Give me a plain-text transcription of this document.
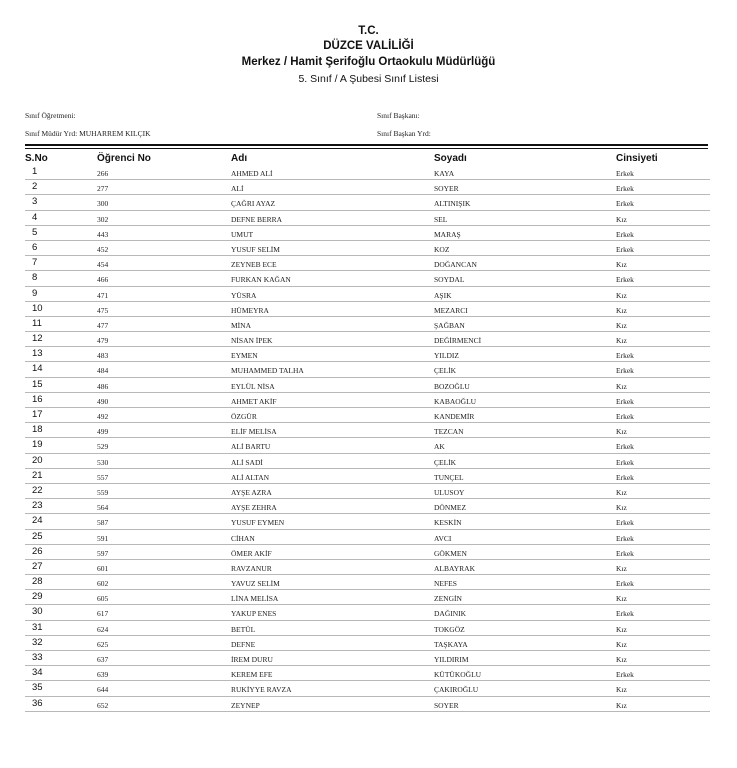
T.C.
DÜZCE VALİLİĞİ
Merkez / Hamit Şerifoğlu Ortaokulu Müdürlüğü
5. Sınıf / A Şubesi Sınıf Listesi
Sınıf Öğretmeni:
Sınıf Müdür Yrd: MUHARREM KILÇIK
Sınıf Başkanı:
Sınıf Başkan Yrd:
S.No	Öğrenci No	Adı	Soyadı	Cinsiyeti
1	266	AHMED ALİ	KAYA	Erkek
2	277	ALİ	SOYER	Erkek
3	300	ÇAĞRI AYAZ	ALTINIŞIK	Erkek
4	302	DEFNE BERRA	SEL	Kız
5	443	UMUT	MARAŞ	Erkek
6	452	YUSUF SELİM	KOZ	Erkek
7	454	ZEYNEB ECE	DOĞANCAN	Kız
8	466	FURKAN KAĞAN	SOYDAL	Erkek
9	471	YÜSRA	AŞIK	Kız
10	475	HÜMEYRA	MEZARCI	Kız
11	477	MİNA	ŞAĞBAN	Kız
12	479	NİSAN İPEK	DEĞİRMENCİ	Kız
13	483	EYMEN	YILDIZ	Erkek
14	484	MUHAMMED TALHA	ÇELİK	Erkek
15	486	EYLÜL NİSA	BOZOĞLU	Kız
16	490	AHMET AKİF	KABAOĞLU	Erkek
17	492	ÖZGÜR	KANDEMİR	Erkek
18	499	ELİF MELİSA	TEZCAN	Kız
19	529	ALİ BARTU	AK	Erkek
20	530	ALİ SADİ	ÇELİK	Erkek
21	557	ALİ ALTAN	TUNÇEL	Erkek
22	559	AYŞE AZRA	ULUSOY	Kız
23	564	AYŞE ZEHRA	DÖNMEZ	Kız
24	587	YUSUF EYMEN	KESKİN	Erkek
25	591	CİHAN	AVCI	Erkek
26	597	ÖMER AKİF	GÖKMEN	Erkek
27	601	RAVZANUR	ALBAYRAK	Kız
28	602	YAVUZ SELİM	NEFES	Erkek
29	605	LİNA MELİSA	ZENGİN	Kız
30	617	YAKUP ENES	DAĞINIK	Erkek
31	624	BETÜL	TOKGÖZ	Kız
32	625	DEFNE	TAŞKAYA	Kız
33	637	İREM DURU	YILDIRIM	Kız
34	639	KEREM EFE	KÜTÜKOĞLU	Erkek
35	644	RUKİYYE RAVZA	ÇAKIROĞLU	Kız
36	652	ZEYNEP	SOYER	Kız
